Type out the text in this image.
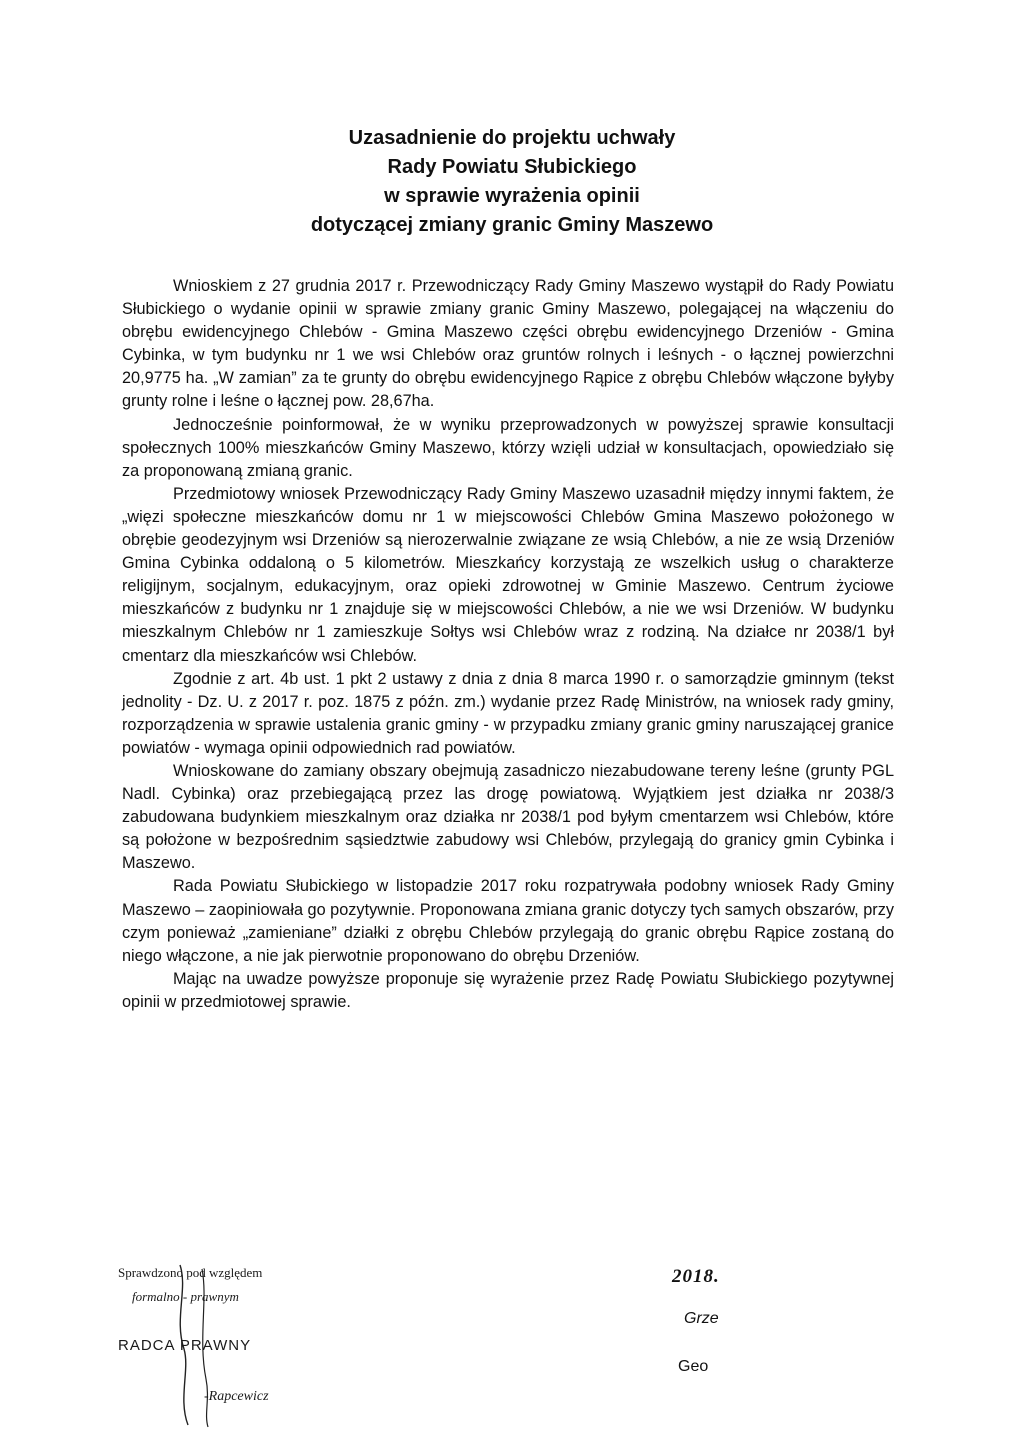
Uzasadnienie do projektu uchwały
Rady Powiatu Słubickiego
w sprawie wyrażenia opinii
dotyczącej zmiany granic Gminy Maszewo

Wnioskiem z 27 grudnia 2017 r. Przewodniczący Rady Gminy Maszewo wystąpił do Rady Powiatu Słubickiego o wydanie opinii w sprawie zmiany granic Gminy Maszewo, polegającej na włączeniu do obrębu ewidencyjnego Chlebów - Gmina Maszewo części obrębu ewidencyjnego Drzeniów - Gmina Cybinka, w tym budynku nr 1 we wsi Chlebów oraz gruntów rolnych i leśnych - o łącznej powierzchni 20,9775 ha. „W zamian” za te grunty do obrębu ewidencyjnego Rąpice z obrębu Chlebów włączone byłyby grunty rolne i leśne o łącznej pow. 28,67ha.

Jednocześnie poinformował, że w wyniku przeprowadzonych w powyższej sprawie konsultacji społecznych 100% mieszkańców Gminy Maszewo, którzy wzięli udział w konsultacjach, opowiedziało się za proponowaną zmianą granic.

Przedmiotowy wniosek Przewodniczący Rady Gminy Maszewo uzasadnił między innymi faktem, że „więzi społeczne mieszkańców domu nr 1 w miejscowości Chlebów Gmina Maszewo położonego w obrębie geodezyjnym wsi Drzeniów są nierozerwalnie związane ze wsią Chlebów, a nie ze wsią Drzeniów Gmina Cybinka oddaloną o 5 kilometrów. Mieszkańcy korzystają ze wszelkich usług o charakterze religijnym, socjalnym, edukacyjnym, oraz opieki zdrowotnej w Gminie Maszewo. Centrum życiowe mieszkańców z budynku nr 1 znajduje się w miejscowości Chlebów, a nie we wsi Drzeniów. W budynku mieszkalnym Chlebów nr 1 zamieszkuje Sołtys wsi Chlebów wraz z rodziną. Na działce nr 2038/1 był cmentarz dla mieszkańców wsi Chlebów.

Zgodnie z art. 4b ust. 1 pkt 2 ustawy z dnia z dnia 8 marca 1990 r. o samorządzie gminnym (tekst jednolity - Dz. U. z 2017 r. poz. 1875 z późn. zm.) wydanie przez Radę Ministrów, na wniosek rady gminy, rozporządzenia w sprawie ustalenia granic gminy - w przypadku zmiany granic gminy naruszającej granice powiatów - wymaga opinii odpowiednich rad powiatów.

Wnioskowane do zamiany obszary obejmują zasadniczo niezabudowane tereny leśne (grunty PGL Nadl. Cybinka) oraz przebiegającą przez las drogę powiatową. Wyjątkiem jest działka nr 2038/3 zabudowana budynkiem mieszkalnym oraz działka nr 2038/1 pod byłym cmentarzem wsi Chlebów, które są położone w bezpośrednim sąsiedztwie zabudowy wsi Chlebów, przylegają do granicy gmin Cybinka i Maszewo.

Rada Powiatu Słubickiego w listopadzie 2017 roku rozpatrywała podobny wniosek Rady Gminy Maszewo – zaopiniowała go pozytywnie. Proponowana zmiana granic dotyczy tych samych obszarów, przy czym ponieważ „zamieniane” działki z obrębu Chlebów przylegają do granic obrębu Rąpice zostaną do niego włączone, a nie jak pierwotnie proponowano do obrębu Drzeniów.

Mając na uwadze powyższe proponuje się wyrażenie przez Radę Powiatu Słubickiego pozytywnej opinii w przedmiotowej sprawie.

Sprawdzono pod względem
formalno - prawnym
RADCA PRAWNY
-Rapcewicz
2018.
Grze
Geo
